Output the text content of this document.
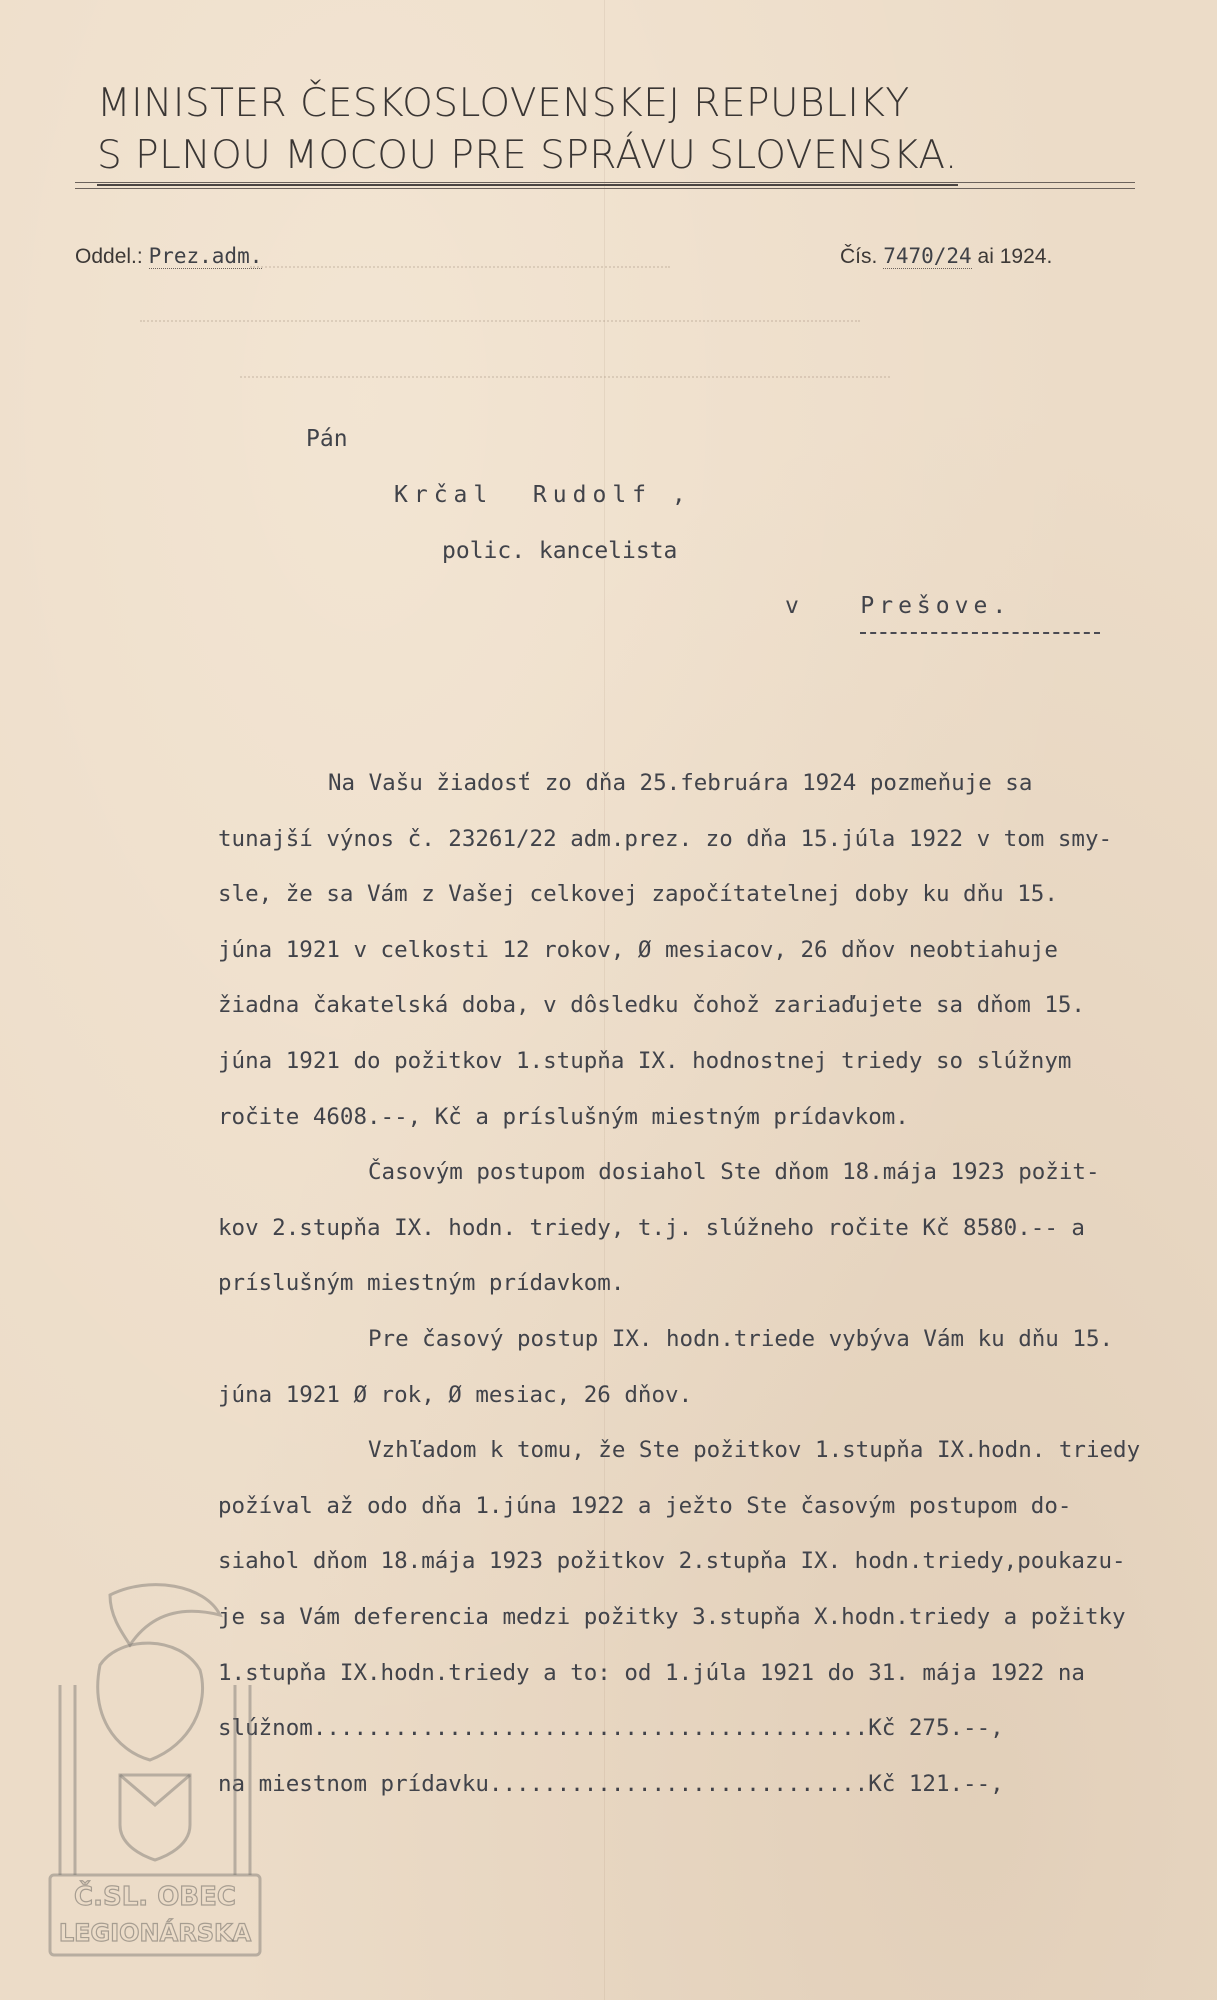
MINISTER ČESKOSLOVENSKEJ REPUBLIKY
S PLNOU MOCOU PRE SPRÁVU SLOVENSKA.
Oddel.: Prez.adm.	Čís. 7470/24 ai 1924.
Pán
Krčal  Rudolf ,
polic. kancelista
v   Prešove.
Na Vašu žiadosť zo dňa 25.februára 1924 pozmeňuje sa
tunajší výnos č. 23261/22 adm.prez. zo dňa 15.júla 1922 v tom smy-
sle, že sa Vám z Vašej celkovej započítatelnej doby ku dňu 15.
júna 1921 v celkosti 12 rokov, Ø mesiacov, 26 dňov neobtiahuje
žiadna čakatelská doba, v dôsledku čohož zariaďujete sa dňom 15.
júna 1921 do požitkov 1.stupňa IX. hodnostnej triedy so slúžnym
ročite 4608.--, Kč a príslušným miestným prídavkom.
Časovým postupom dosiahol Ste dňom 18.mája 1923 požit-
kov 2.stupňa IX. hodn. triedy, t.j. slúžneho ročite Kč 8580.-- a
príslušným miestným prídavkom.
Pre časový postup IX. hodn.triede vybýva Vám ku dňu 15.
júna 1921 Ø rok, Ø mesiac, 26 dňov.
Vzhľadom k tomu, že Ste požitkov 1.stupňa IX.hodn. triedy
požíval až odo dňa 1.júna 1922 a ježto Ste časovým postupom do-
siahol dňom 18.mája 1923 požitkov 2.stupňa IX. hodn.triedy,poukazu-
je sa Vám deferencia medzi požitky 3.stupňa X.hodn.triedy a požitky
1.stupňa IX.hodn.triedy a to: od 1.júla 1921 do 31. mája 1922 na
slúžnom.........................................Kč 275.--,
na miestnom prídavku............................Kč 121.--,
Č.SL. OBEC
LEGIONÁRSKA
